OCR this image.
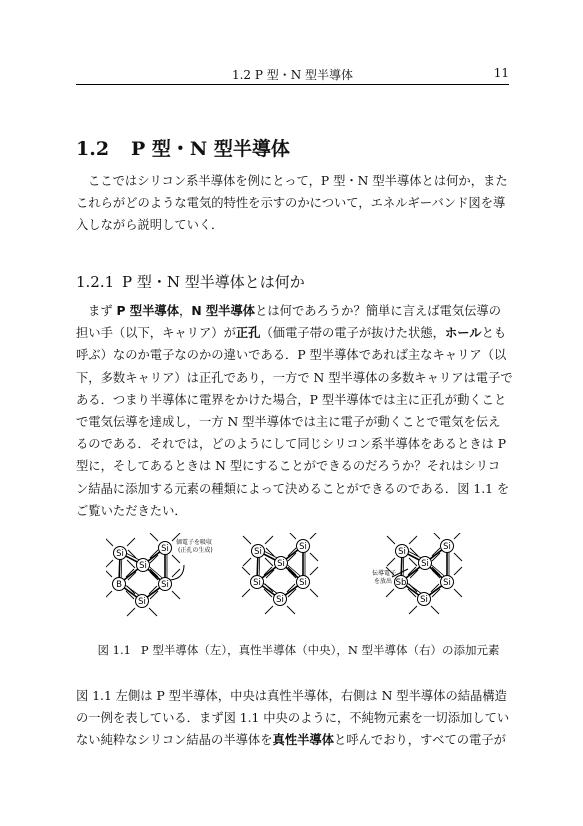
1.2 P 型・N 型半導体	11
1.2 P 型・N 型半導体
ここではシリコン系半導体を例にとって，P 型・N 型半導体とは何か，また
これらがどのような電気的特性を示すのかについて，エネルギーバンド図を導
入しながら説明していく．
1.2.1 P 型・N 型半導体とは何か
まず P 型半導体，N 型半導体とは何であろうか？簡単に言えば電気伝導の
担い手（以下，キャリア）が正孔（価電子帯の電子が抜けた状態，ホールとも
呼ぶ）なのか電子なのかの違いである．P 型半導体であれば主なキャリア（以
下，多数キャリア）は正孔であり，一方で N 型半導体の多数キャリアは電子で
ある．つまり半導体に電界をかけた場合，P 型半導体では主に正孔が動くこと
で電気伝導を達成し，一方 N 型半導体では主に電子が動くことで電気を伝え
るのである．それでは，どのようにして同じシリコン系半導体をあるときは P
型に，そしてあるときは N 型にすることができるのだろうか？それはシリコ
ン結晶に添加する元素の種類によって決めることができるのである．図 1.1 を
ご覧いただきたい．
Si	Si
B	Si
Si
Si
価電子を吸収
(正孔の生成)	Si	Si
Si	Si
Si
Si
Si	Si
Sb	Si
Si
Si
伝導電子
を放出
図 1.1 P 型半導体（左），真性半導体（中央），N 型半導体（右）の添加元素
図 1.1 左側は P 型半導体，中央は真性半導体，右側は N 型半導体の結晶構造
の一例を表している．まず図 1.1 中央のように，不純物元素を一切添加してい
ない純粋なシリコン結晶の半導体を真性半導体と呼んでおり，すべての電子が
